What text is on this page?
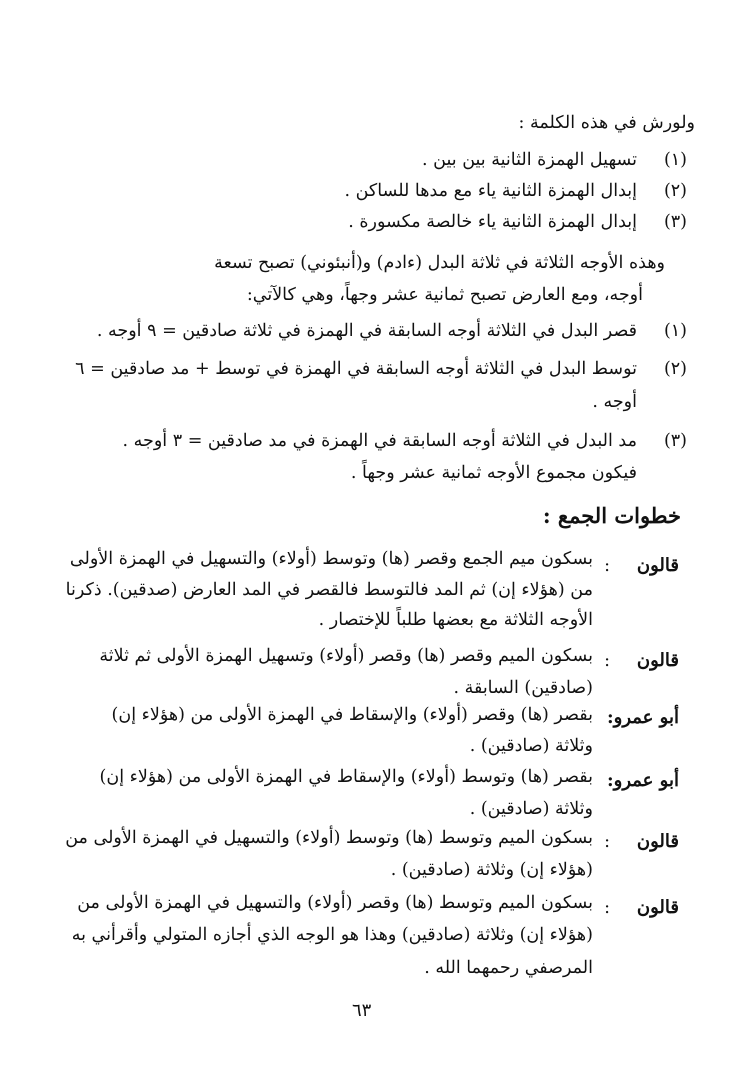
ولورش في هذه الكلمة :
(١)تسهيل الهمزة الثانية بين بين .
(٢)إبدال الهمزة الثانية ياء مع مدها للساكن .
(٣)إبدال الهمزة الثانية ياء خالصة مكسورة .
وهذه الأوجه الثلاثة في ثلاثة البدل (ءادم) و(أنبئوني) تصبح تسعة
أوجه، ومع العارض تصبح ثمانية عشر وجهاً، وهي كالآتي:
(١)قصر البدل في الثلاثة أوجه السابقة في الهمزة في ثلاثة صادقين = ٩ أوجه .
(٢)توسط البدل في الثلاثة أوجه السابقة في الهمزة في توسط + مد صادقين = ٦
أوجه .
(٣)مد البدل في الثلاثة أوجه السابقة في الهمزة في مد صادقين = ٣ أوجه .
فيكون مجموع الأوجه ثمانية عشر وجهاً .
خطوات الجمع :
قالون
:
بسكون ميم الجمع وقصر (ها) وتوسط (أولاء) والتسهيل في الهمزة الأولى
من (هؤلاء إن) ثم المد فالتوسط فالقصر في المد العارض (صدقين). ذكرنا
الأوجه الثلاثة مع بعضها طلباً للإختصار .
قالون
:
بسكون الميم وقصر (ها) وقصر (أولاء) وتسهيل الهمزة الأولى ثم ثلاثة
(صادقين) السابقة .
أبو عمرو:
بقصر (ها) وقصر (أولاء) والإسقاط في الهمزة الأولى من (هؤلاء إن)
وثلاثة (صادقين) .
أبو عمرو:
بقصر (ها) وتوسط (أولاء) والإسقاط في الهمزة الأولى من (هؤلاء إن)
وثلاثة (صادقين) .
قالون
:
بسكون الميم وتوسط (ها) وتوسط (أولاء) والتسهيل في الهمزة الأولى من
(هؤلاء إن) وثلاثة (صادقين) .
قالون
:
بسكون الميم وتوسط (ها) وقصر (أولاء) والتسهيل في الهمزة الأولى من
(هؤلاء إن) وثلاثة (صادقين) وهذا هو الوجه الذي أجازه المتولي وأقرأني به
المرصفي رحمهما الله .
٦٣
